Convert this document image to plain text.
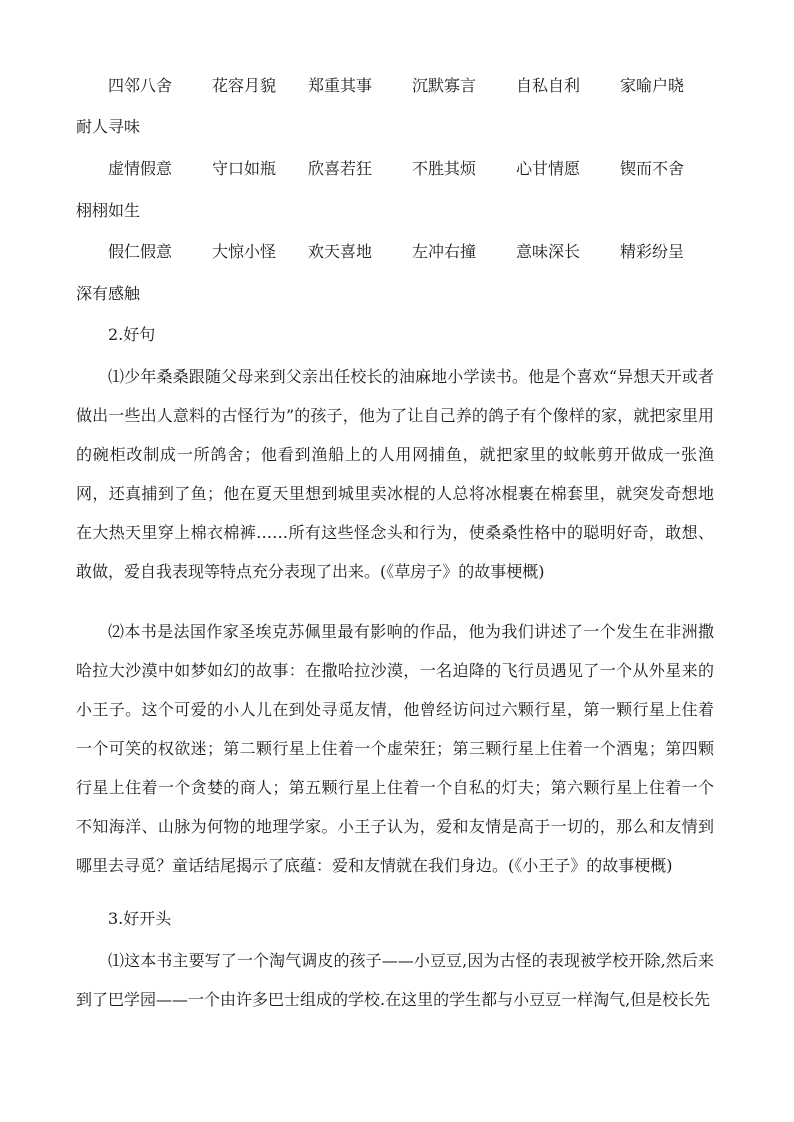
四邻八舍 花容月貌 郑重其事 沉默寡言 自私自利 家喻户晓
耐人寻味
虚情假意 守口如瓶 欣喜若狂 不胜其烦 心甘情愿 锲而不舍
栩栩如生
假仁假意 大惊小怪 欢天喜地 左冲右撞 意味深长 精彩纷呈
深有感触
2.好句

⑴少年桑桑跟随父母来到父亲出任校长的油麻地小学读书。他是个喜欢“异想天开或者做出一些出人意料的古怪行为”的孩子，他为了让自己养的鸽子有个像样的家，就把家里用的碗柜改制成一所鸽舍；他看到渔船上的人用网捕鱼，就把家里的蚊帐剪开做成一张渔网，还真捕到了鱼；他在夏天里想到城里卖冰棍的人总将冰棍裹在棉套里，就突发奇想地在大热天里穿上棉衣棉裤……所有这些怪念头和行为，使桑桑性格中的聪明好奇，敢想、敢做，爱自我表现等特点充分表现了出来。(《草房子》的故事梗概)

⑵本书是法国作家圣埃克苏佩里最有影响的作品，他为我们讲述了一个发生在非洲撒哈拉大沙漠中如梦如幻的故事：在撒哈拉沙漠，一名迫降的飞行员遇见了一个从外星来的小王子。这个可爱的小人儿在到处寻觅友情，他曾经访问过六颗行星，第一颗行星上住着一个可笑的权欲迷；第二颗行星上住着一个虚荣狂；第三颗行星上住着一个酒鬼；第四颗行星上住着一个贪婪的商人；第五颗行星上住着一个自私的灯夫；第六颗行星上住着一个不知海洋、山脉为何物的地理学家。小王子认为，爱和友情是高于一切的，那么和友情到哪里去寻觅？童话结尾揭示了底蕴：爱和友情就在我们身边。(《小王子》的故事梗概)

3.好开头

⑴这本书主要写了一个淘气调皮的孩子——小豆豆,因为古怪的表现被学校开除,然后来到了巴学园——一个由许多巴士组成的学校.在这里的学生都与小豆豆一样淘气,但是校长先
